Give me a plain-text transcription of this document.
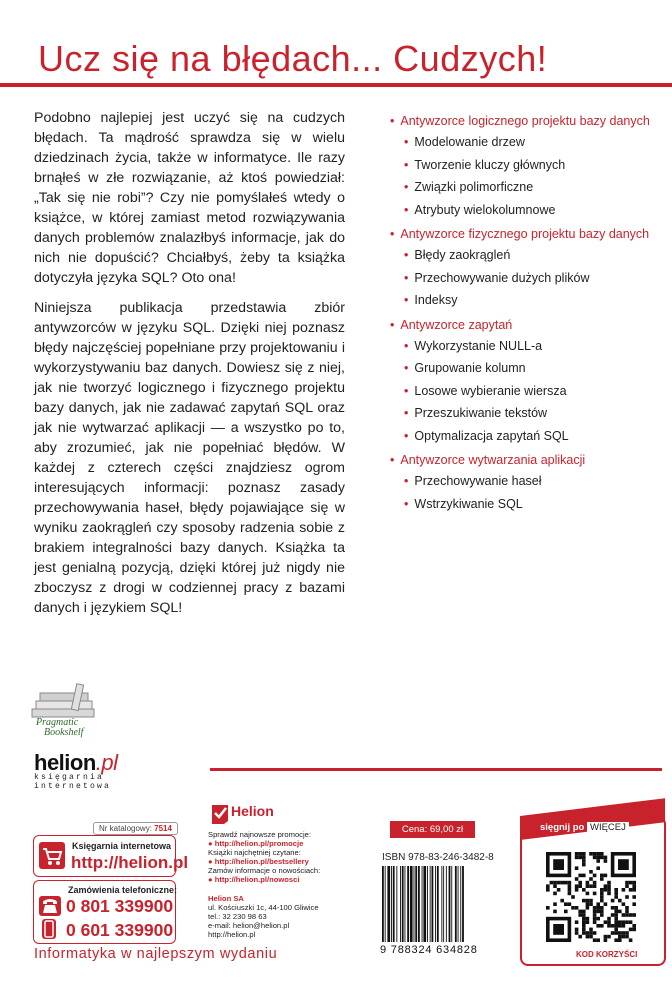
Ucz się na błędach... Cudzych!
Podobno najlepiej jest uczyć się na cudzych błędach. Ta mądrość sprawdza się w wielu dziedzinach życia, także w informatyce. Ile razy brnąłeś w złe rozwiązanie, aż ktoś powiedział: „Tak się nie robi”? Czy nie pomyślałeś wtedy o książce, w której zamiast metod rozwiązywania danych problemów znalazłbyś informacje, jak do nich nie dopuścić? Chciałbyś, żeby ta książka dotyczyła języka SQL? Oto ona!
Niniejsza publikacja przedstawia zbiór antywzorców w języku SQL. Dzięki niej poznasz błędy najczęściej popełniane przy projektowaniu i wykorzystywaniu baz danych. Dowiesz się z niej, jak nie tworzyć logicznego i fizycznego projektu bazy danych, jak nie zadawać zapytań SQL oraz jak nie wytwarzać aplikacji — a wszystko po to, aby zrozumieć, jak nie popełniać błędów. W każdej z czterech części znajdziesz ogrom interesujących informacji: poznasz zasady przechowywania haseł, błędy pojawiające się w wyniku zaokrągleń czy sposoby radzenia sobie z brakiem integralności bazy danych. Książka ta jest genialną pozycją, dzięki której już nigdy nie zboczysz z drogi w codziennej pracy z bazami danych i językiem SQL!
• Antywzorce logicznego projektu bazy danych
• Modelowanie drzew
• Tworzenie kluczy głównych
• Związki polimorficzne
• Atrybuty wielokolumnowe
• Antywzorce fizycznego projektu bazy danych
• Błędy zaokrągleń
• Przechowywanie dużych plików
• Indeksy
• Antywzorce zapytań
• Wykorzystanie NULL-a
• Grupowanie kolumn
• Losowe wybieranie wiersza
• Przeszukiwanie tekstów
• Optymalizacja zapytań SQL
• Antywzorce wytwarzania aplikacji
• Przechowywanie haseł
• Wstrzykiwanie SQL
Pragmatic
Bookshelf
helion.pl
księgarnia
internetowa
Nr katalogowy: 7514
Księgarnia internetowa
http://helion.pl
Zamówienia telefoniczne:
0 801 339900
0 601 339900
Informatyka w najlepszym wydaniu
Helion
Sprawdź najnowsze promocje:
● http://helion.pl/promocje
Książki najchętniej czytane:
● http://helion.pl/bestsellery
Zamów informacje o nowościach:
● http://helion.pl/nowosci
Helion SA
ul. Kościuszki 1c, 44-100 Gliwice
tel.: 32 230 98 63
e-mail: helion@helion.pl
http://helion.pl
Cena: 69,00 zł
ISBN 978-83-246-3482-8
9 788324 634828
sięgnij po WIĘCEJ
KOD KORZYŚCI
